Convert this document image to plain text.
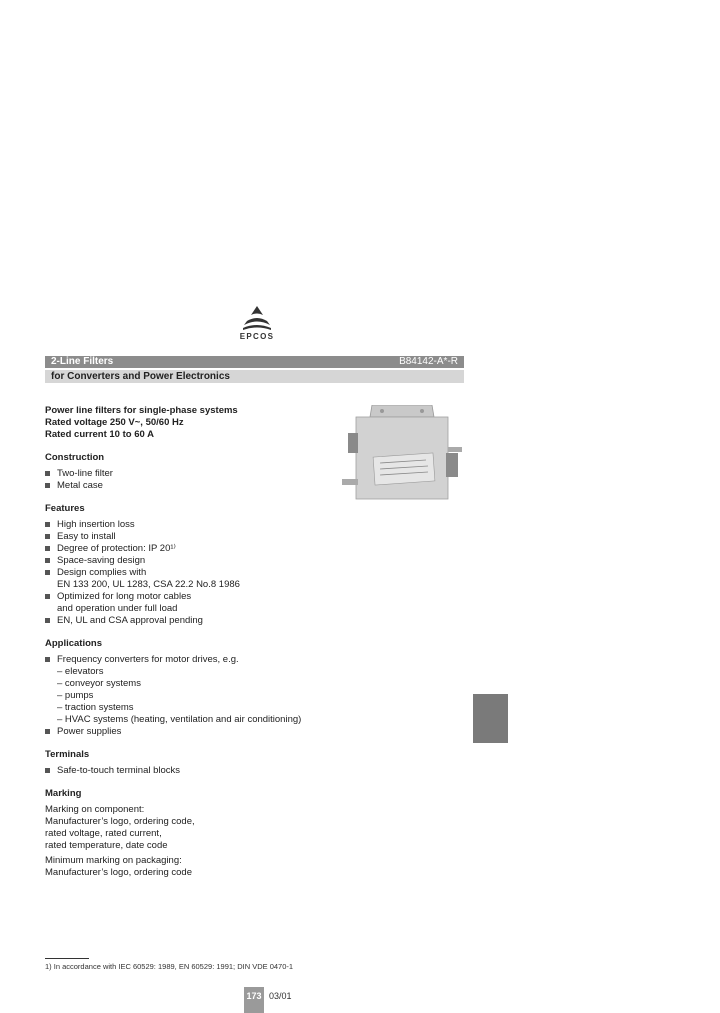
EPCOS
2-Line Filters	B84142-A*-R
for Converters and Power Electronics
Power line filters for single-phase systems
Rated voltage 250 V~, 50/60 Hz
Rated current 10 to 60 A
Construction
Two-line filter
Metal case
Features
High insertion loss
Easy to install
Degree of protection: IP 20¹⁾
Space-saving design
Design complies with
EN 133 200, UL 1283, CSA 22.2 No.8 1986
Optimized for long motor cables
and operation under full load
EN, UL and CSA approval pending
Applications
Frequency converters for motor drives, e.g.
– elevators
– conveyor systems
– pumps
– traction systems
– HVAC systems (heating, ventilation and air conditioning)
Power supplies
Terminals
Safe-to-touch terminal blocks
Marking
Marking on component:
Manufacturer’s logo, ordering code,
rated voltage, rated current,
rated temperature, date code
Minimum marking on packaging:
Manufacturer’s logo, ordering code
1) In accordance with IEC 60529: 1989, EN 60529: 1991; DIN VDE 0470-1
173 03/01
